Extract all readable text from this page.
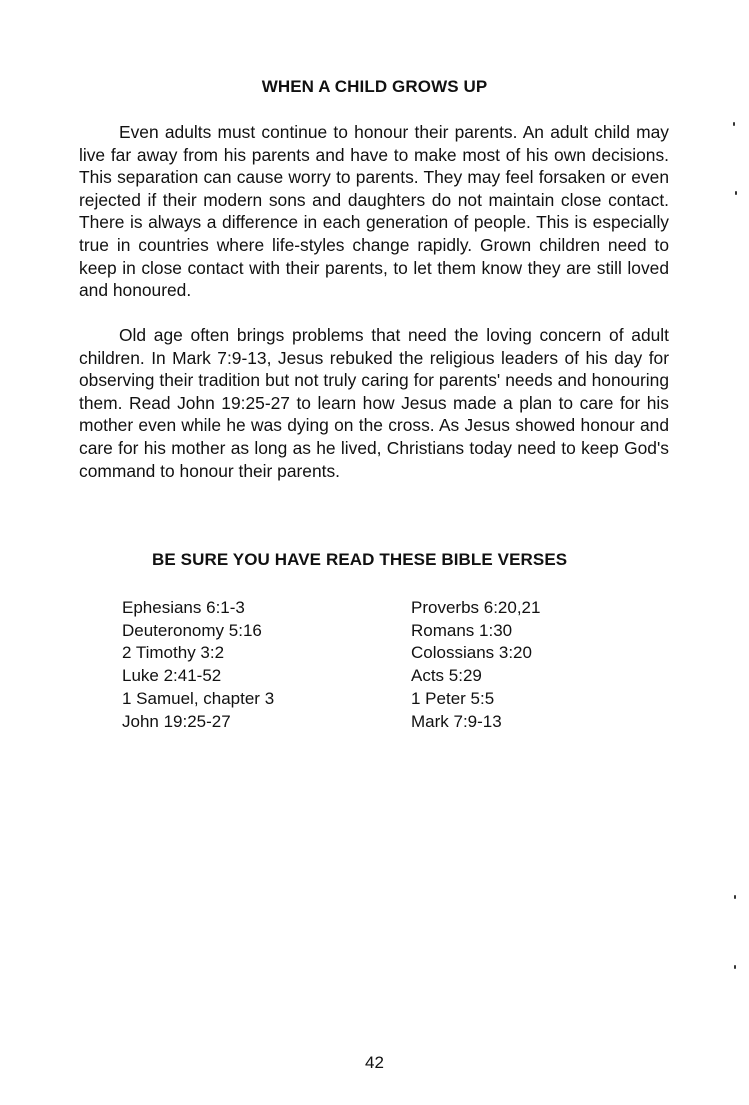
WHEN A CHILD GROWS UP

Even adults must continue to honour their parents. An adult child may live far away from his parents and have to make most of his own decisions. This separation can cause worry to parents. They may feel forsaken or even rejected if their modern sons and daughters do not maintain close contact. There is always a difference in each generation of people. This is especially true in countries where life-styles change rapidly. Grown children need to keep in close contact with their parents, to let them know they are still loved and honoured.

Old age often brings problems that need the loving concern of adult children. In Mark 7:9-13, Jesus rebuked the religious leaders of his day for observing their tradition but not truly caring for parents' needs and honouring them. Read John 19:25-27 to learn how Jesus made a plan to care for his mother even while he was dying on the cross. As Jesus showed honour and care for his mother as long as he lived, Christians today need to keep God's command to honour their parents.

BE SURE YOU HAVE READ THESE BIBLE VERSES
Ephesians 6:1-3
Deuteronomy 5:16
2 Timothy 3:2
Luke 2:41-52
1 Samuel, chapter 3
John 19:25-27
Proverbs 6:20,21
Romans 1:30
Colossians 3:20
Acts 5:29
1 Peter 5:5
Mark 7:9-13
42
